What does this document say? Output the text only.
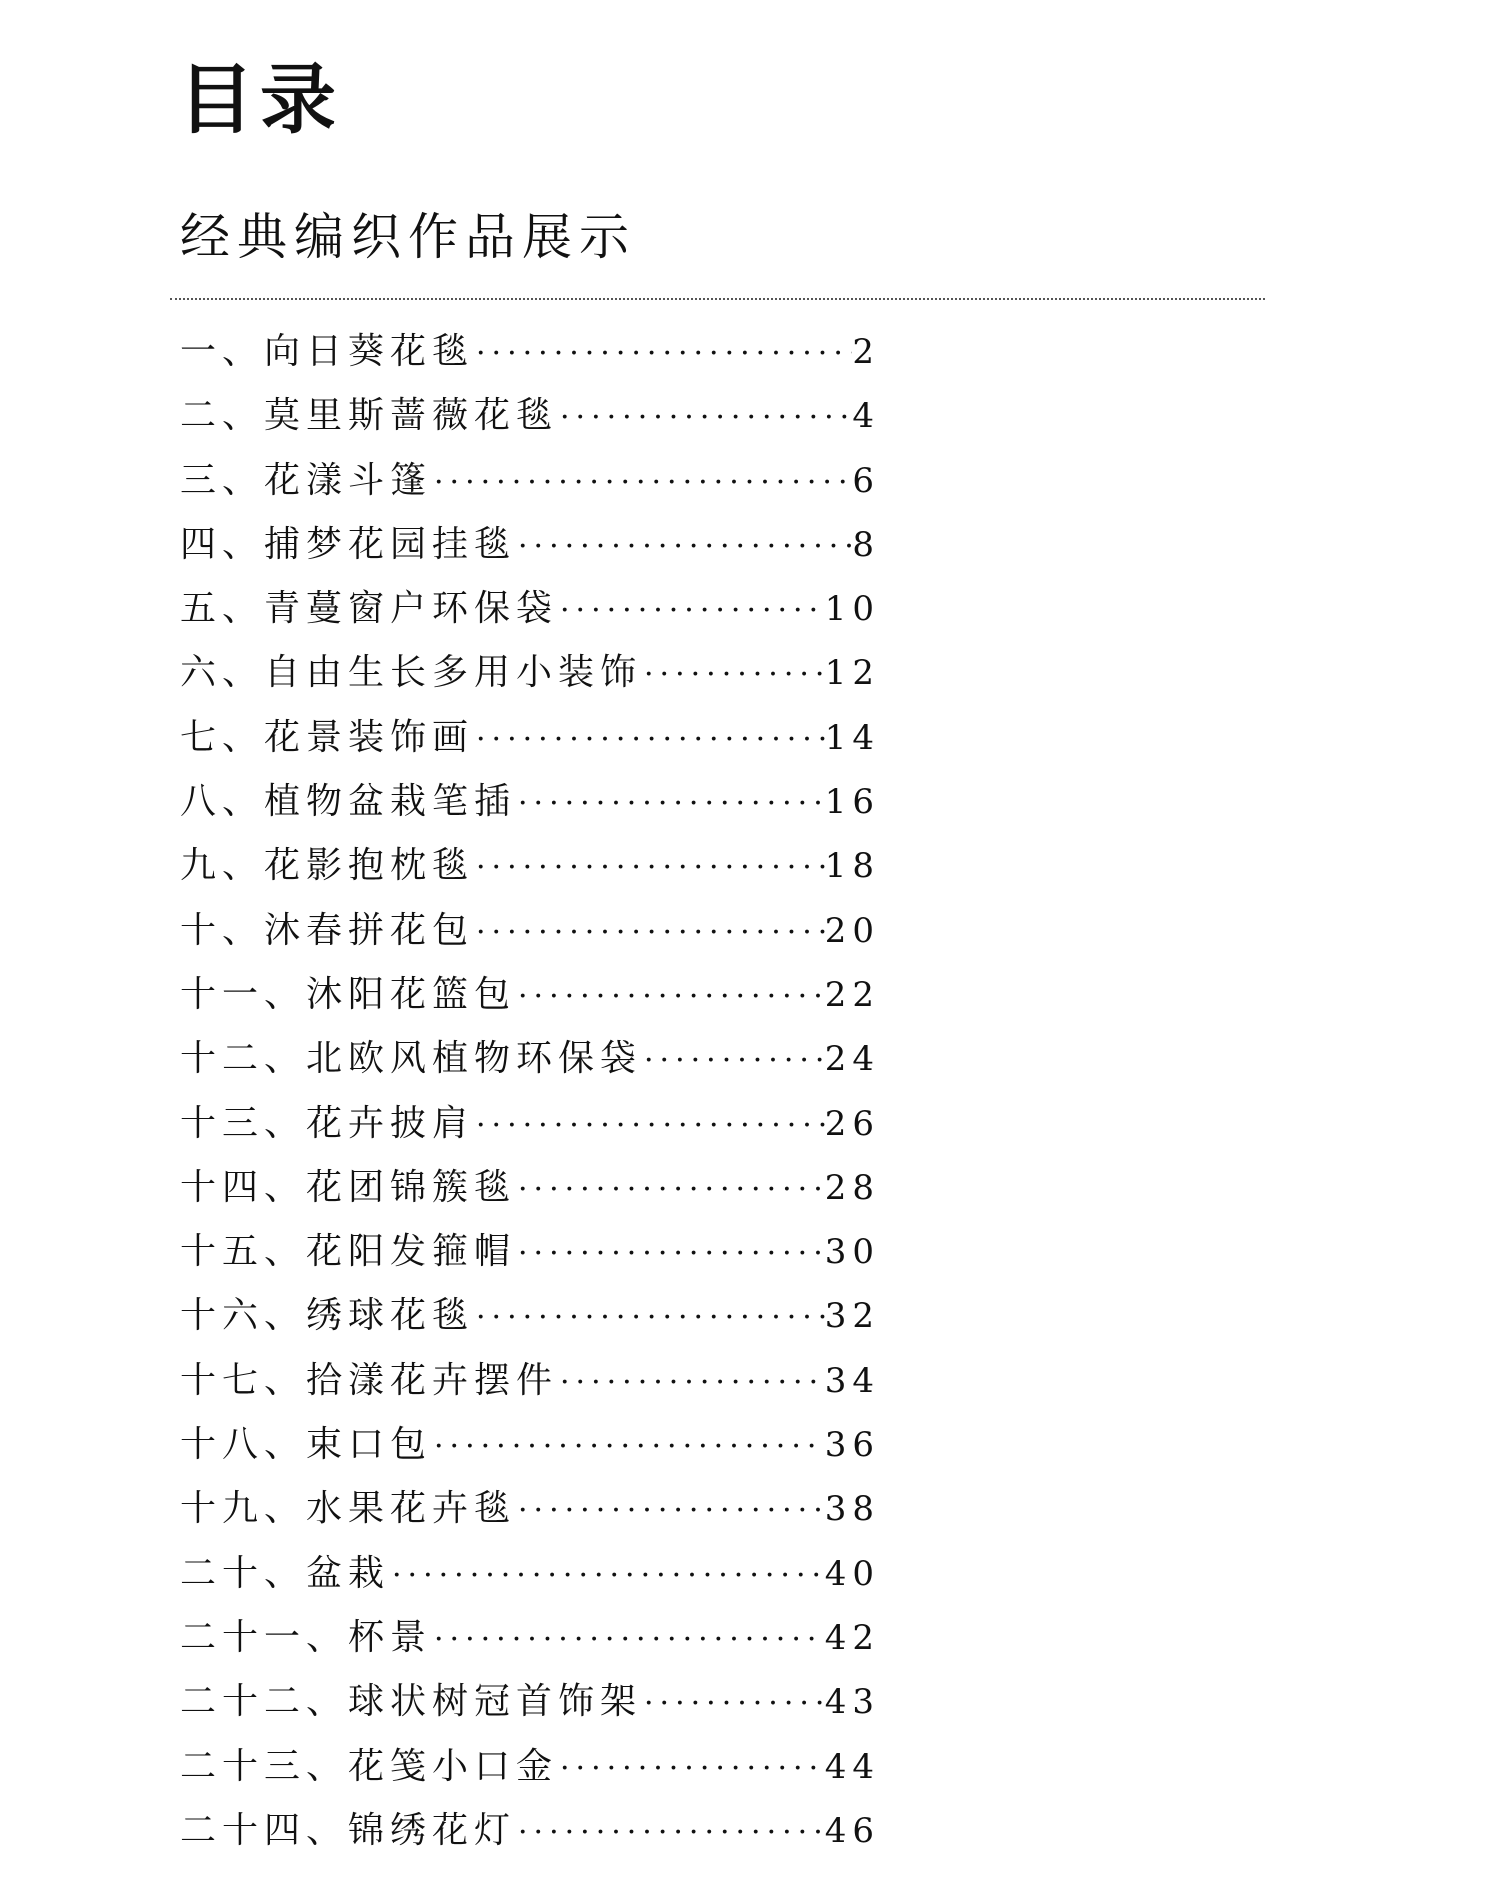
目录
经典编织作品展示
一、向日葵花毯 ·····	2
二、莫里斯蔷薇花毯 ·····	4
三、花漾斗篷 ·····	6
四、捕梦花园挂毯 ·····	8
五、青蔓窗户环保袋 ·····	10
六、自由生长多用小装饰 ·····	12
七、花景装饰画 ·····	14
八、植物盆栽笔插 ·····	16
九、花影抱枕毯 ·····	18
十、沐春拼花包 ·····	20
十一、沐阳花篮包 ·····	22
十二、北欧风植物环保袋 ·····	24
十三、花卉披肩 ·····	26
十四、花团锦簇毯 ·····	28
十五、花阳发箍帽 ·····	30
十六、绣球花毯 ·····	32
十七、拾漾花卉摆件 ·····	34
十八、束口包 ·····	36
十九、水果花卉毯 ·····	38
二十、盆栽 ·····	40
二十一、杯景 ·····	42
二十二、球状树冠首饰架 ·····	43
二十三、花笺小口金 ·····	44
二十四、锦绣花灯 ·····	46
